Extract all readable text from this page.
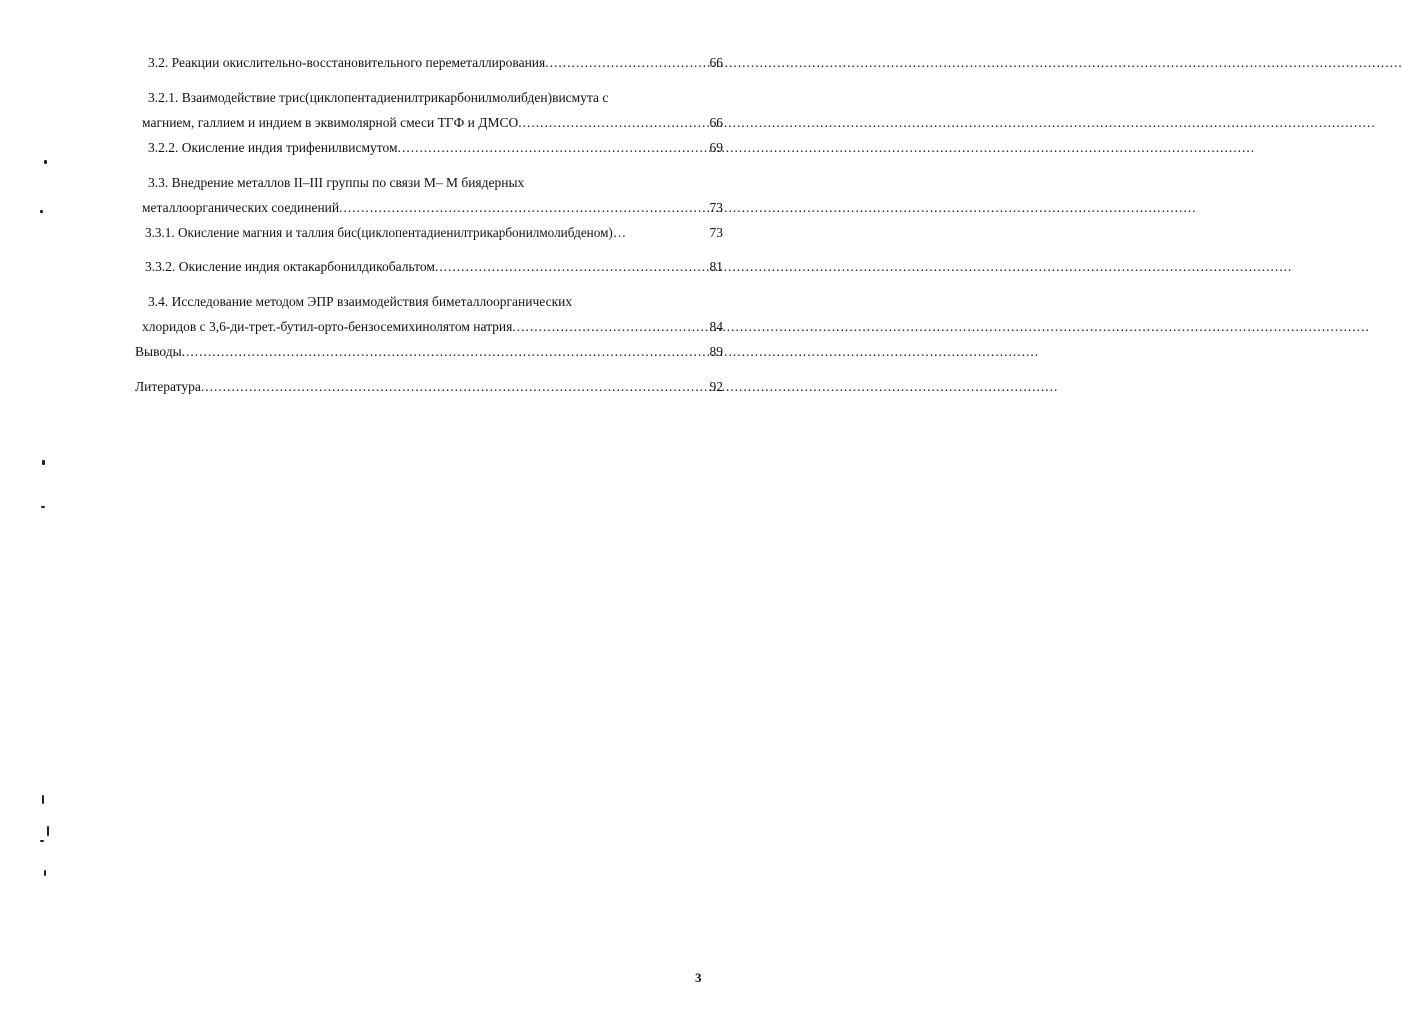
3.2. Реакции окислительно-восстановительного переметаллирования .....	66
3.2.1. Взаимодействие трис(циклопентадиенилтрикарбонилмолибден)висмута с
магнием, галлием и индием в эквимолярной смеси ТГФ и ДМСО .....	66
3.2.2. Окисление индия трифенилвисмутом .....	69
3.3. Внедрение металлов II–III группы по связи М– М биядерных
металлоорганических соединений .....	73
3.3.1. Окисление магния и таллия бис(циклопентадиенилтрикарбонилмолибденом)…	73
3.3.2. Окисление индия октакарбонилдикобальтом .....	81
3.4. Исследование методом ЭПР взаимодействия биметаллоорганических
хлоридов с 3,6-ди-трет.-бутил-орто-бензосемихинолятом натрия .....	84
Выводы .....	89
Литература .....	92
3
